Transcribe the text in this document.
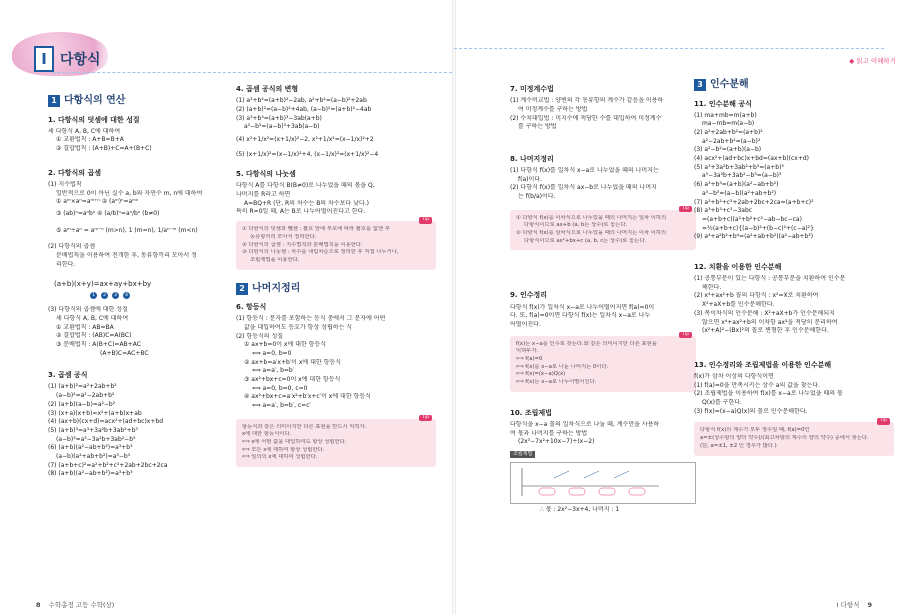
I 다항식
1 다항식의 연산
1. 다항식의 덧셈에 대한 성질
세 다항식 A, B, C에 대하여
① 교환법칙 : A+B=B+A
② 결합법칙 : (A+B)+C=A+(B+C)
2. 다항식의 곱셈
(1) 지수법칙
일반적으로 0이 아닌 실수 a, b와 자연수 m, n에 대하여
① aᵐ×aⁿ=aᵐ⁺ⁿ ② (aᵐ)ⁿ=aᵐⁿ
③ (ab)ⁿ=aⁿbⁿ ④ (a/b)ⁿ=aⁿ/bⁿ (b≠0)
⑤ aᵐ÷aⁿ = aᵐ⁻ⁿ (m>n), 1 (m=n), 1/aⁿ⁻ᵐ (m<n)
(2) 다항식의 곱셈
분배법칙을 이용하여 전개한 후, 동류항끼리 모아서 정
리한다.
(a+b)(x+y)=ax+ay+bx+by
1 2 3 4
(3) 다항식의 곱셈에 대한 성질
세 다항식 A, B, C에 대하여
① 교환법칙 : AB=BA
② 결합법칙 : (AB)C=A(BC)
③ 분배법칙 : A(B+C)=AB+AC
(A+B)C=AC+BC
3. 곱셈 공식
(1) (a+b)²=a²+2ab+b²
(a−b)²=a²−2ab+b²
(2) (a+b)(a−b)=a²−b²
(3) (x+a)(x+b)=x²+(a+b)x+ab
(4) (ax+b)(cx+d)=acx²+(ad+bc)x+bd
(5) (a+b)³=a³+3a²b+3ab²+b³
(a−b)³=a³−3a²b+3ab²−b³
(6) (a+b)(a²−ab+b²)=a³+b³
(a−b)(a²+ab+b²)=a³−b³
(7) (a+b+c)²=a²+b²+c²+2ab+2bc+2ca
(8) (a+b)(a²−ab+b²)=a³+b³
4. 곱셈 공식의 변형
(1) a²+b²=(a+b)²−2ab, a²+b²=(a−b)²+2ab
(2) (a+b)²=(a−b)²+4ab, (a−b)²=(a+b)²−4ab
(3) a³+b³=(a+b)³−3ab(a+b)
a³−b³=(a−b)³+3ab(a−b)
(4) x²+1/x²=(x+1/x)²−2, x²+1/x²=(x−1/x)²+2
(5) (x+1/x)²=(x−1/x)²+4, (x−1/x)²=(x+1/x)²−4
5. 다항식의 나눗셈
다항식 A를 다항식 B(B≠0)로 나누었을 때의 몫을 Q,
나머지를 R라고 하면
A=BQ+R (단, R의 차수는 B의 차수보다 낮다.)
특히 R=0일 때, A는 B로 나누어떨어진다고 한다.
Tip
① 다항식의 덧셈과 뺄셈 : 괄호 앞에 부호에 따라 괄호를 없앤 후
동류항끼리 모아서 정리한다.
② 다항식의 곱셈 : 지수법칙과 분배법칙을 이용한다.
③ 다항식의 나눗셈 : 차수를 내림차순으로 정리한 후 직접 나누거나,
조립제법을 이용한다.
2 나머지정리
6. 항등식
(1) 항등식 : 문자를 포함하는 등식 중에서 그 문자에 어떤
값을 대입하여도 등호가 항상 성립하는 식
(2) 항등식의 성질
① ax+b=0이 x에 대한 항등식
⟺ a=0, b=0
② ax+b=a′x+b′이 x에 대한 항등식
⟺ a=a′, b=b′
③ ax²+bx+c=0이 x에 대한 항등식
⟺ a=0, b=0, c=0
④ ax²+bx+c=a′x²+b′x+c′이 x에 대한 항등식
⟺ a=a′, b=b′, c=c′
Tip
항등식과 같은 의미이지만 다른 표현을 반드시 익히자.
x에 대한 항등식이다.
⟺ x에 어떤 값을 대입하여도 항상 성립한다.
⟺ 모든 x에 대하여 항상 성립한다.
⟺ 임의의 x에 대하여 성립한다.
8 수학총정 고등 수학(상)
◆ 읽고 이해하기
7. 미정계수법
(1) 계수비교법 : 양변의 각 동류항의 계수가 같음을 이용하
여 미정계수를 구하는 방법
(2) 수치대입법 : 미지수에 적당한 수를 대입하여 미정계수
를 구하는 방법
8. 나머지정리
(1) 다항식 f(x)를 일차식 x−a로 나누었을 때의 나머지는
f(a)이다.
(2) 다항식 f(x)를 일차식 ax−b로 나누었을 때의 나머지
는 f(b/a)이다.
Tip
① 다항식 f(x)를 이차식으로 나누었을 때의 나머지는 일차 이하의
다항식이므로 ax+b (a, b는 상수)로 놓는다.
② 다항식 f(x)를 삼차식으로 나누었을 때의 나머지는 이차 이하의
다항식이므로 ax²+bx+c (a, b, c는 상수)로 놓는다.
9. 인수정리
다항식 f(x)가 일차식 x−a로 나누어떨어지면 f(a)=0이
다. 또, f(a)=0이면 다항식 f(x)는 일차식 x−a로 나누
어떨어진다.
Tip
f(x)는 x−a를 인수로 갖는다.와 같은 의미이지만 다른 표현을
익혀두자.
⟺ f(a)=0
⟺ f(x)를 x−a로 나눈 나머지는 0이다.
⟺ f(x)=(x−a)Q(x)
⟺ f(x)는 x−a로 나누어떨어진다.
10. 조립제법
다항식을 x−a 꼴의 일차식으로 나눌 때, 계수만을 사용하
여 몫과 나머지를 구하는 방법
(2x³−7x²+10x−7)÷(x−2)
조립제법
∴ 몫 : 2x²−3x+4, 나머지 : 1
3 인수분해
11. 인수분해 공식
(1) ma+mb=m(a+b)
ma−mb=m(a−b)
(2) a²+2ab+b²=(a+b)²
a²−2ab+b²=(a−b)²
(3) a²−b²=(a+b)(a−b)
(4) acx²+(ad+bc)x+bd=(ax+b)(cx+d)
(5) a³+3a²b+3ab²+b³=(a+b)³
a³−3a²b+3ab²−b³=(a−b)³
(6) a³+b³=(a+b)(a²−ab+b²)
a³−b³=(a−b)(a²+ab+b²)
(7) a²+b²+c²+2ab+2bc+2ca=(a+b+c)²
(8) a³+b³+c³−3abc
=(a+b+c)(a²+b²+c²−ab−bc−ca)
=½(a+b+c){(a−b)²+(b−c)²+(c−a)²}
(9) a⁴+a²b²+b⁴=(a²+ab+b²)(a²−ab+b²)
12. 치환을 이용한 인수분해
(1) 공통부분이 있는 다항식 : 공통부분을 치환하여 인수분
해한다.
(2) x⁴+ax²+b 꼴의 다항식 : x²=X로 치환하여
X²+aX+b를 인수분해한다.
(3) 복이차식의 인수분해 : X²+aX+b가 인수분해되지
않으면 x⁴+ax²+b의 이차항 ax²을 적당히 분리하여
(x²+A)²−(Bx)²의 꼴로 변형한 후 인수분해한다.
13. 인수정리와 조립제법을 이용한 인수분해
f(x)가 삼차 이상의 다항식이면
(1) f(a)=0을 만족시키는 상수 a의 값을 찾는다.
(2) 조립제법을 이용하여 f(x)를 x−a로 나누었을 때의 몫
Q(x)를 구한다.
(3) f(x)=(x−a)Q(x)의 꼴로 인수분해한다.
Tip
다항식 f(x)의 계수가 모두 정수일 때, f(a)=0인
a=±(상수항의 양의 약수)/(최고차항의 계수의 양의 약수) 중에서 찾는다.
(단, a=±1, ±2 인 경우가 많다.)
I 다항식 9
